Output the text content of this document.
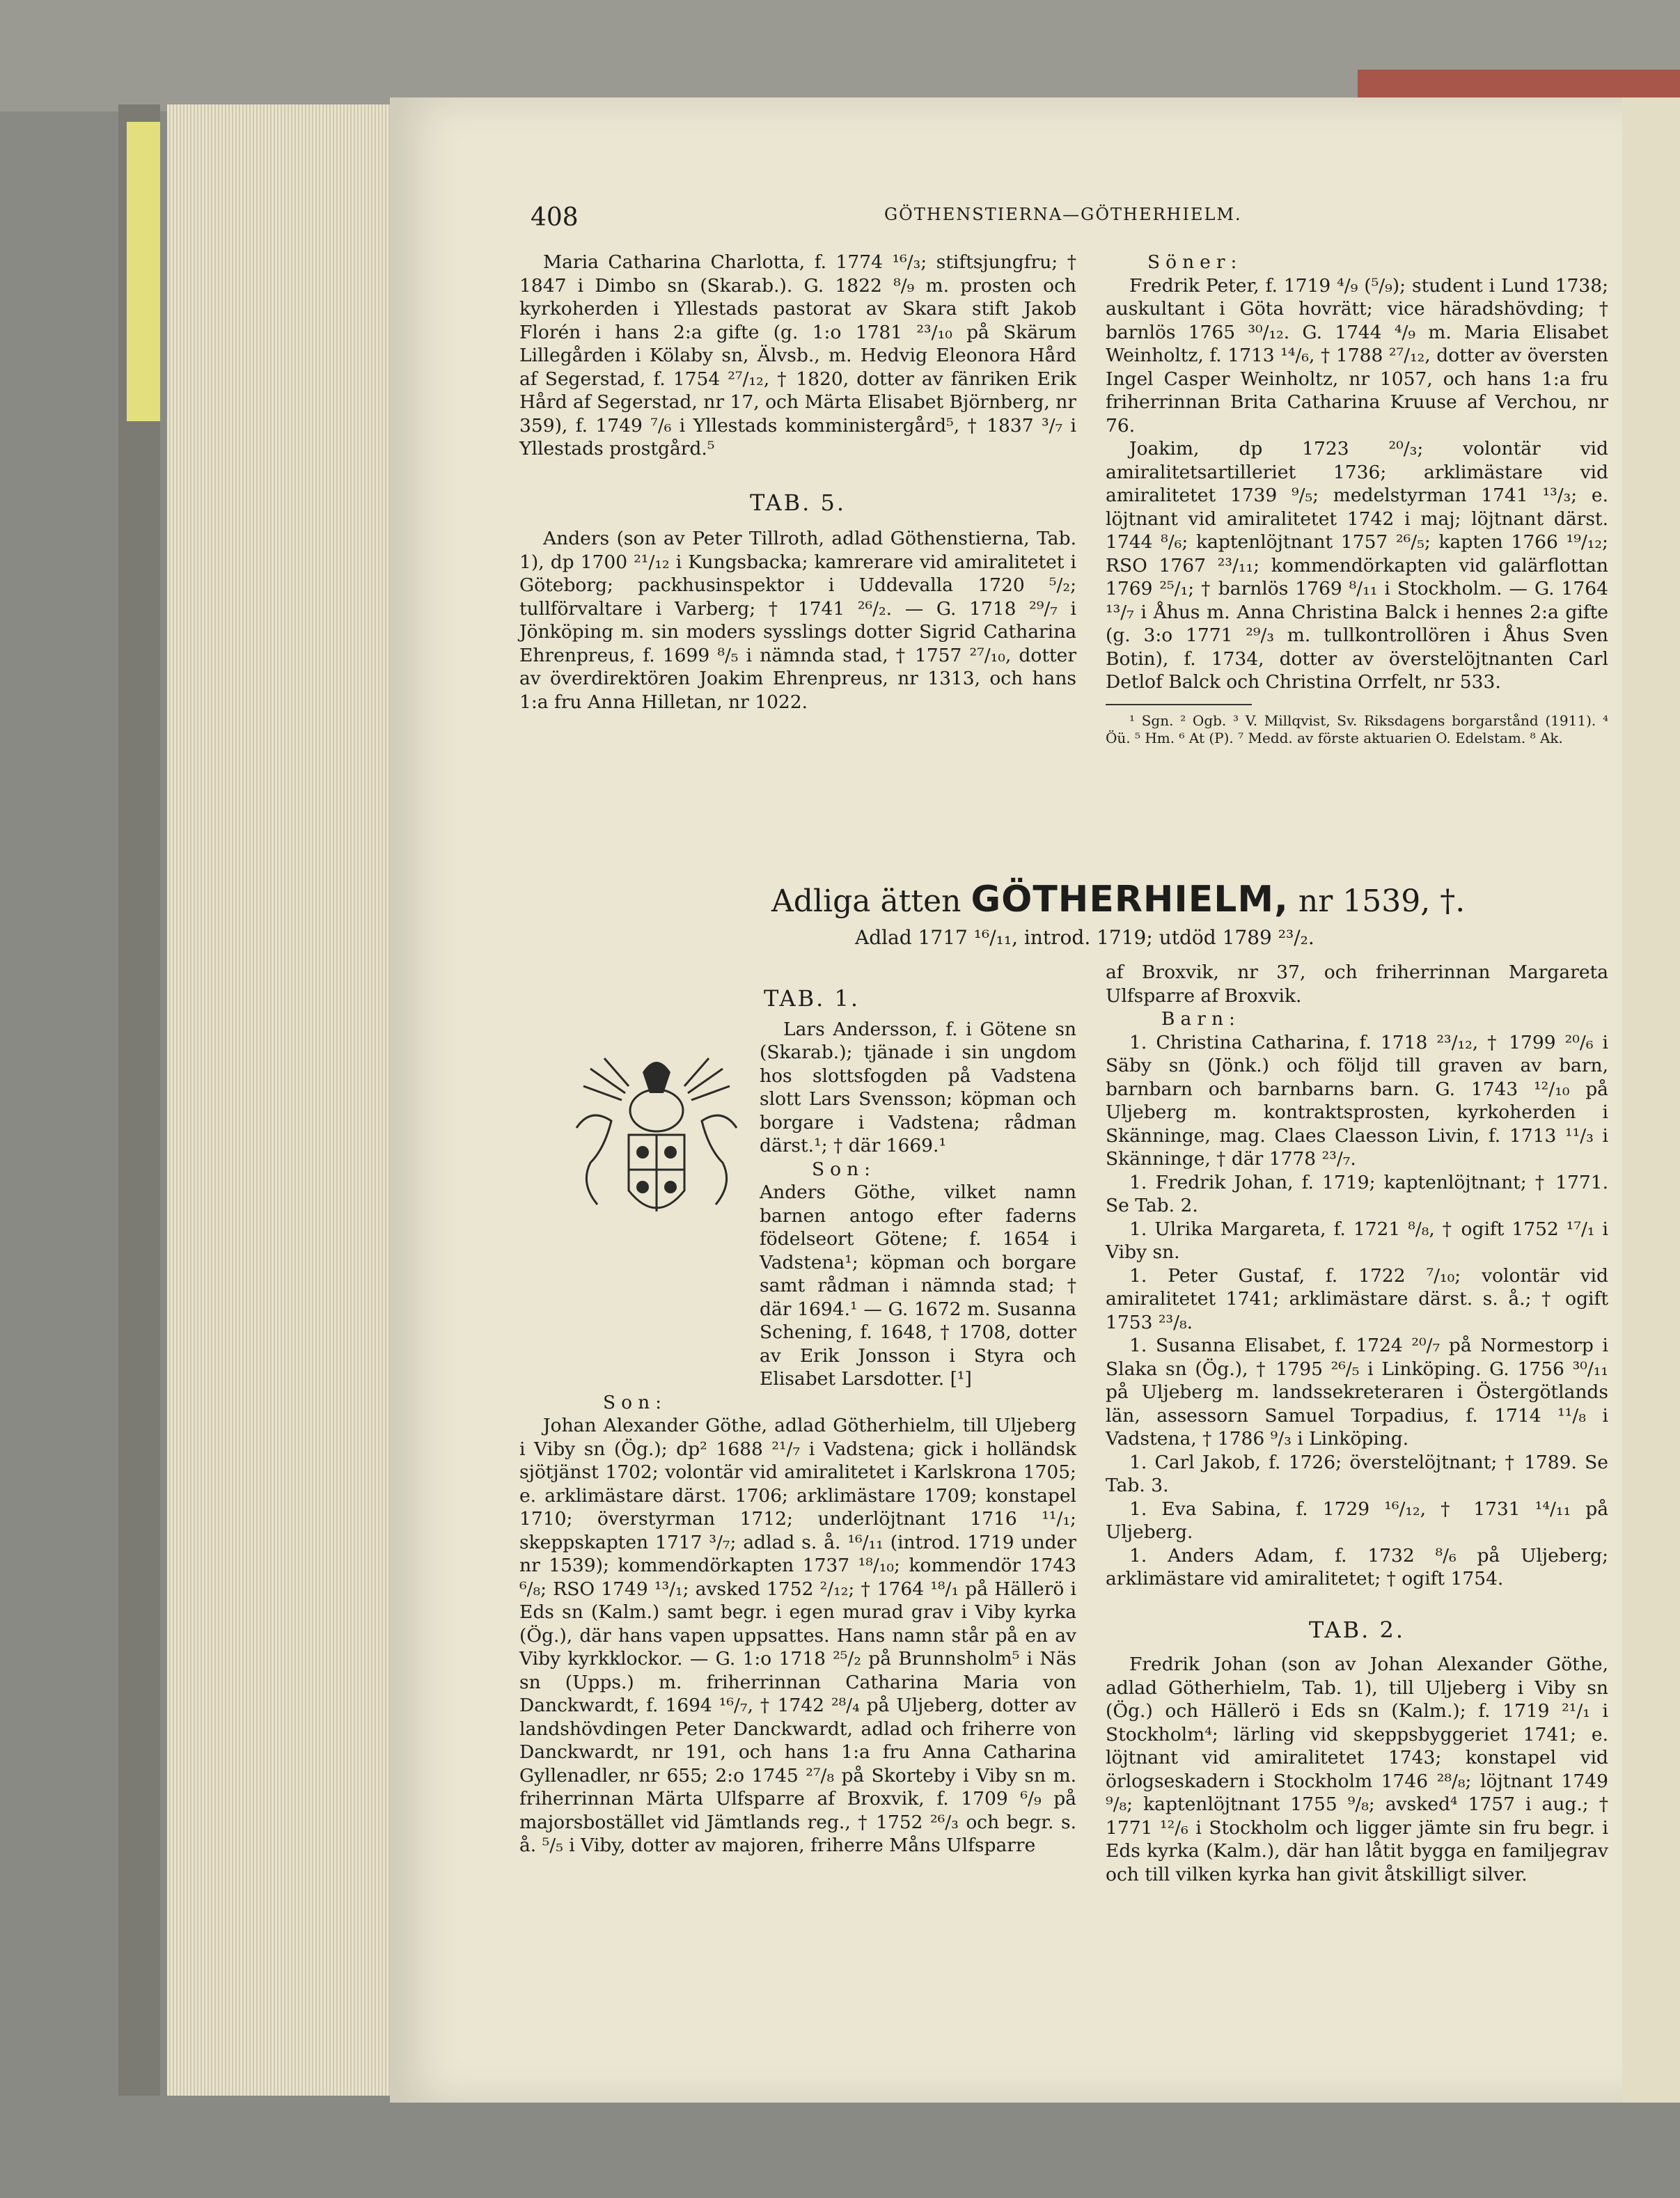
408	GÖTHENSTIERNA—GÖTHERHIELM.

Maria Catharina Charlotta, f. 1774 ¹⁶/₃; stiftsjungfru; † 1847 i Dimbo sn (Skarab.). G. 1822 ⁸/₉ m. prosten och kyrkoherden i Yllestads pastorat av Skara stift Jakob Florén i hans 2:a gifte (g. 1:o 1781 ²³/₁₀ på Skärum Lillegården i Kölaby sn, Älvsb., m. Hedvig Eleonora Hård af Segerstad, f. 1754 ²⁷/₁₂, † 1820, dotter av fänriken Erik Hård af Segerstad, nr 17, och Märta Elisabet Björnberg, nr 359), f. 1749 ⁷/₆ i Yllestads komministergård⁵, † 1837 ³/₇ i Yllestads prostgård.⁵

TAB. 5.

Anders (son av Peter Tillroth, adlad Göthenstierna, Tab. 1), dp 1700 ²¹/₁₂ i Kungsbacka; kamrerare vid amiralitetet i Göteborg; packhusinspektor i Uddevalla 1720 ⁵/₂; tullförvaltare i Varberg; † 1741 ²⁶/₂. — G. 1718 ²⁹/₇ i Jönköping m. sin moders sysslings dotter Sigrid Catharina Ehrenpreus, f. 1699 ⁸/₅ i nämnda stad, † 1757 ²⁷/₁₀, dotter av överdirektören Joakim Ehrenpreus, nr 1313, och hans 1:a fru Anna Hilletan, nr 1022.

Söner:

Fredrik Peter, f. 1719 ⁴/₉ (⁵/₉); student i Lund 1738; auskultant i Göta hovrätt; vice häradshövding; † barnlös 1765 ³⁰/₁₂. G. 1744 ⁴/₉ m. Maria Elisabet Weinholtz, f. 1713 ¹⁴/₆, † 1788 ²⁷/₁₂, dotter av översten Ingel Casper Weinholtz, nr 1057, och hans 1:a fru friherrinnan Brita Catharina Kruuse af Verchou, nr 76.

Joakim, dp 1723 ²⁰/₃; volontär vid amiralitetsartilleriet 1736; arklimästare vid amiralitetet 1739 ⁹/₅; medelstyrman 1741 ¹³/₃; e. löjtnant vid amiralitetet 1742 i maj; löjtnant därst. 1744 ⁸/₆; kaptenlöjtnant 1757 ²⁶/₅; kapten 1766 ¹⁹/₁₂; RSO 1767 ²³/₁₁; kommendörkapten vid galärflottan 1769 ²⁵/₁; † barnlös 1769 ⁸/₁₁ i Stockholm. — G. 1764 ¹³/₇ i Åhus m. Anna Christina Balck i hennes 2:a gifte (g. 3:o 1771 ²⁹/₃ m. tullkontrollören i Åhus Sven Botin), f. 1734, dotter av överstelöjtnanten Carl Detlof Balck och Christina Orrfelt, nr 533.

¹ Sgn. ² Ogb. ³ V. Millqvist, Sv. Riksdagens borgarstånd (1911). ⁴ Öü. ⁵ Hm. ⁶ At (P). ⁷ Medd. av förste aktuarien O. Edelstam. ⁸ Ak.

Adliga ätten GÖTHERHIELM, nr 1539, †.
Adlad 1717 ¹⁶/₁₁, introd. 1719; utdöd 1789 ²³/₂.

TAB. 1.

Lars Andersson, f. i Götene sn (Skarab.); tjänade i sin ungdom hos slottsfogden på Vadstena slott Lars Svensson; köpman och borgare i Vadstena; rådman därst.¹; † där 1669.¹

Son:

Anders Göthe, vilket namn barnen antogo efter faderns födelseort Götene; f. 1654 i Vadstena¹; köpman och borgare samt rådman i nämnda stad; † där 1694.¹ — G. 1672 m. Susanna Schening, f. 1648, † 1708, dotter av Erik Jonsson i Styra och Elisabet Larsdotter. [¹]

Son:

Johan Alexander Göthe, adlad Götherhielm, till Uljeberg i Viby sn (Ög.); dp² 1688 ²¹/₇ i Vadstena; gick i holländsk sjötjänst 1702; volontär vid amiralitetet i Karlskrona 1705; e. arklimästare därst. 1706; arklimästare 1709; konstapel 1710; överstyrman 1712; underlöjtnant 1716 ¹¹/₁; skeppskapten 1717 ³/₇; adlad s. å. ¹⁶/₁₁ (introd. 1719 under nr 1539); kommendörkapten 1737 ¹⁸/₁₀; kommendör 1743 ⁶/₈; RSO 1749 ¹³/₁; avsked 1752 ²/₁₂; † 1764 ¹⁸/₁ på Hällerö i Eds sn (Kalm.) samt begr. i egen murad grav i Viby kyrka (Ög.), där hans vapen uppsattes. Hans namn står på en av Viby kyrkklockor. — G. 1:o 1718 ²⁵/₂ på Brunnsholm⁵ i Näs sn (Upps.) m. friherrinnan Catharina Maria von Danckwardt, f. 1694 ¹⁶/₇, † 1742 ²⁸/₄ på Uljeberg, dotter av landshövdingen Peter Danckwardt, adlad och friherre von Danckwardt, nr 191, och hans 1:a fru Anna Catharina Gyllenadler, nr 655; 2:o 1745 ²⁷/₈ på Skorteby i Viby sn m. friherrinnan Märta Ulfsparre af Broxvik, f. 1709 ⁶/₉ på majorsbostället vid Jämtlands reg., † 1752 ²⁶/₃ och begr. s. å. ⁵/₅ i Viby, dotter av majoren, friherre Måns Ulfsparre

af Broxvik, nr 37, och friherrinnan Margareta Ulfsparre af Broxvik.

Barn:

1. Christina Catharina, f. 1718 ²³/₁₂, † 1799 ²⁰/₆ i Säby sn (Jönk.) och följd till graven av barn, barnbarn och barnbarns barn. G. 1743 ¹²/₁₀ på Uljeberg m. kontraktsprosten, kyrkoherden i Skänninge, mag. Claes Claesson Livin, f. 1713 ¹¹/₃ i Skänninge, † där 1778 ²³/₇.

1. Fredrik Johan, f. 1719; kaptenlöjtnant; † 1771. Se Tab. 2.

1. Ulrika Margareta, f. 1721 ⁸/₈, † ogift 1752 ¹⁷/₁ i Viby sn.

1. Peter Gustaf, f. 1722 ⁷/₁₀; volontär vid amiralitetet 1741; arklimästare därst. s. å.; † ogift 1753 ²³/₈.

1. Susanna Elisabet, f. 1724 ²⁰/₇ på Normestorp i Slaka sn (Ög.), † 1795 ²⁶/₅ i Linköping. G. 1756 ³⁰/₁₁ på Uljeberg m. landssekreteraren i Östergötlands län, assessorn Samuel Torpadius, f. 1714 ¹¹/₈ i Vadstena, † 1786 ⁹/₃ i Linköping.

1. Carl Jakob, f. 1726; överstelöjtnant; † 1789. Se Tab. 3.

1. Eva Sabina, f. 1729 ¹⁶/₁₂, † 1731 ¹⁴/₁₁ på Uljeberg.

1. Anders Adam, f. 1732 ⁸/₆ på Uljeberg; arklimästare vid amiralitetet; † ogift 1754.

TAB. 2.

Fredrik Johan (son av Johan Alexander Göthe, adlad Götherhielm, Tab. 1), till Uljeberg i Viby sn (Ög.) och Hällerö i Eds sn (Kalm.); f. 1719 ²¹/₁ i Stockholm⁴; lärling vid skeppsbyggeriet 1741; e. löjtnant vid amiralitetet 1743; konstapel vid örlogseskadern i Stockholm 1746 ²⁸/₈; löjtnant 1749 ⁹/₈; kaptenlöjtnant 1755 ⁹/₈; avsked⁴ 1757 i aug.; † 1771 ¹²/₆ i Stockholm och ligger jämte sin fru begr. i Eds kyrka (Kalm.), där han låtit bygga en familjegrav och till vilken kyrka han givit åtskilligt silver.
